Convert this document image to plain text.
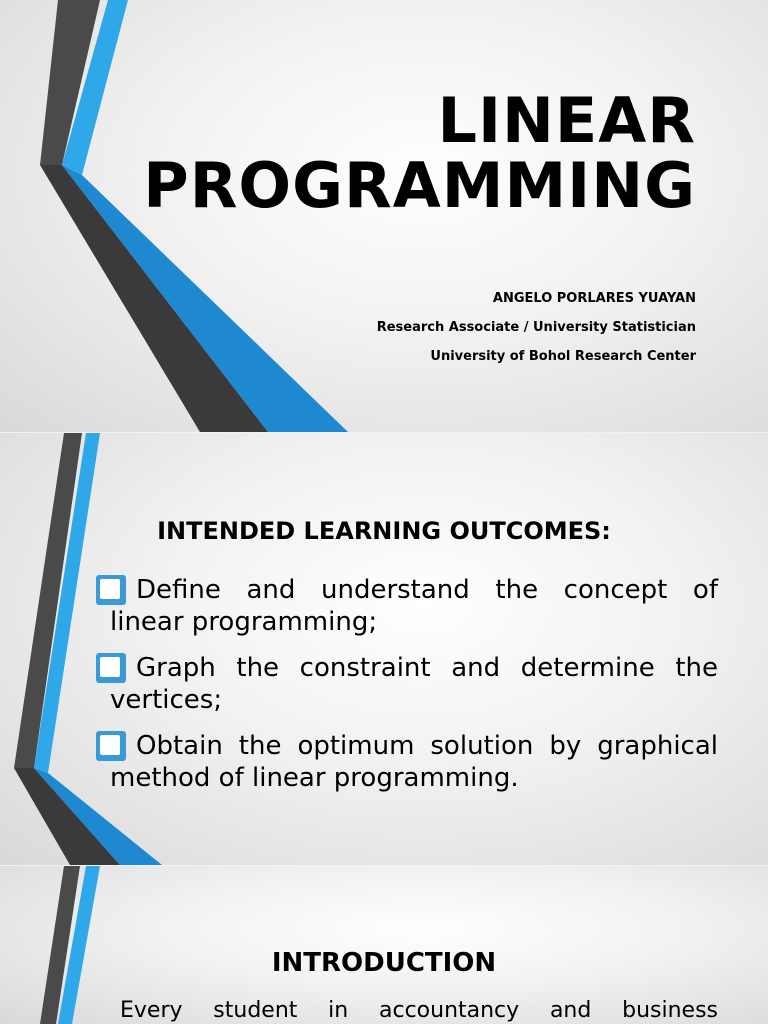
LINEAR
PROGRAMMING
ANGELO PORLARES YUAYAN
Research Associate / University Statistician
University of Bohol Research Center
INTENDED LEARNING OUTCOMES:
Define and understand the concept of
linear programming;
Graph the constraint and determine the
vertices;
Obtain the optimum solution by graphical
method of linear programming.
INTRODUCTION
Every student in accountancy and business
